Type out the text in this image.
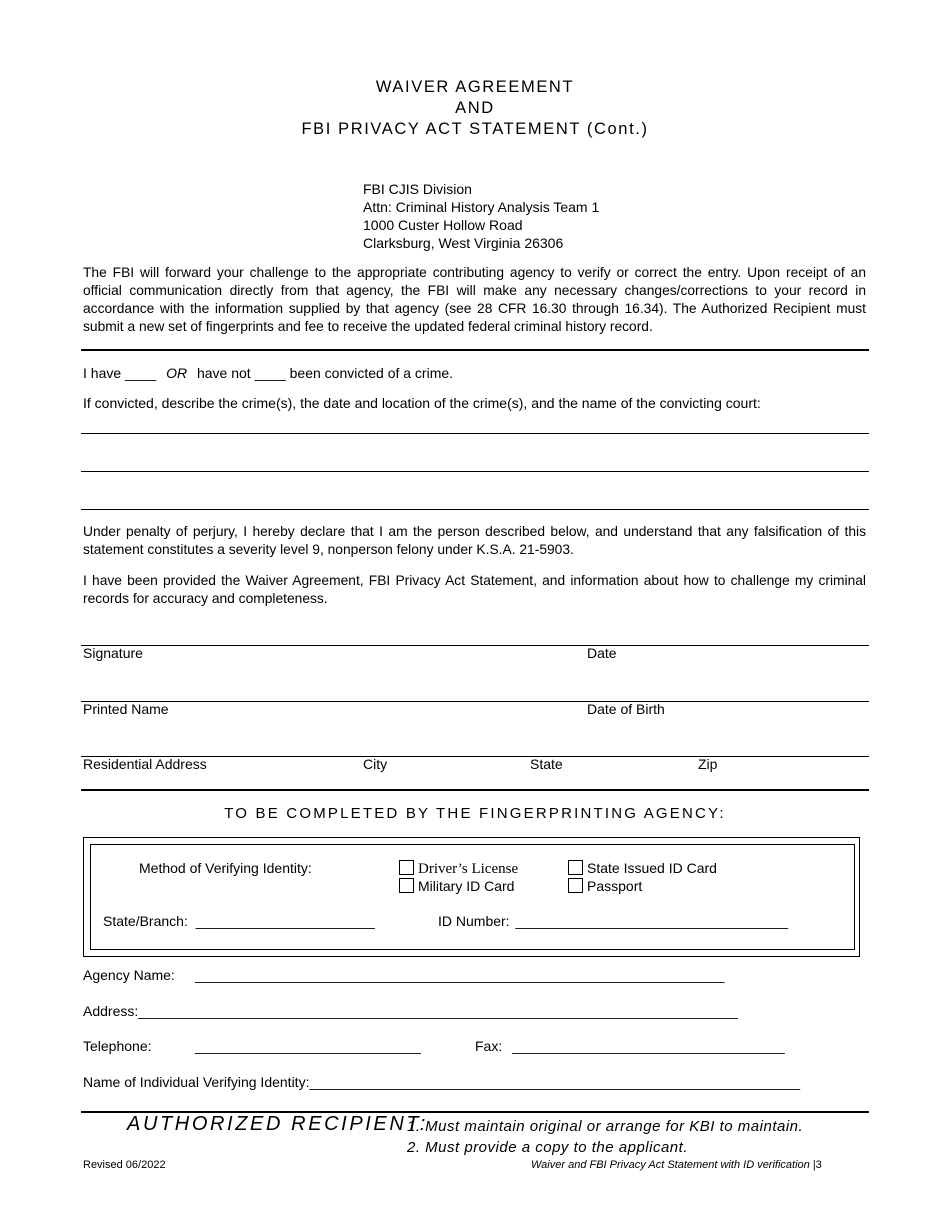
WAIVER AGREEMENT
AND
FBI PRIVACY ACT STATEMENT (Cont.)
FBI CJIS Division
Attn: Criminal History Analysis Team 1
1000 Custer Hollow Road
Clarksburg, West Virginia 26306
The FBI will forward your challenge to the appropriate contributing agency to verify or correct the entry. Upon receipt of an official communication directly from that agency, the FBI will make any necessary changes/corrections to your record in accordance with the information supplied by that agency (see 28 CFR 16.30 through 16.34). The Authorized Recipient must submit a new set of fingerprints and fee to receive the updated federal criminal history record.
I have ____ OR have not ____ been convicted of a crime.
If convicted, describe the crime(s), the date and location of the crime(s), and the name of the convicting court:
Under penalty of perjury, I hereby declare that I am the person described below, and understand that any falsification of this statement constitutes a severity level 9, nonperson felony under K.S.A. 21-5903.
I have been provided the Waiver Agreement, FBI Privacy Act Statement, and information about how to challenge my criminal records for accuracy and completeness.
Signature	Date
Printed Name	Date of Birth
Residential Address	City	State	Zip
TO BE COMPLETED BY THE FINGERPRINTING AGENCY:
Method of Verifying Identity:	Driver’s License	State Issued ID Card
Military ID Card	Passport
State/Branch: _______________________	ID Number: ___________________________________
Agency Name: ____________________________________________________________________
Address:_____________________________________________________________________________
Telephone:	_____________________________	Fax: ___________________________________
Name of Individual Verifying Identity:_______________________________________________________________
AUTHORIZED RECIPIENT:
1. Must maintain original or arrange for KBI to maintain.
2. Must provide a copy to the applicant.
Revised 06/2022	Waiver and FBI Privacy Act Statement with ID verification |3
